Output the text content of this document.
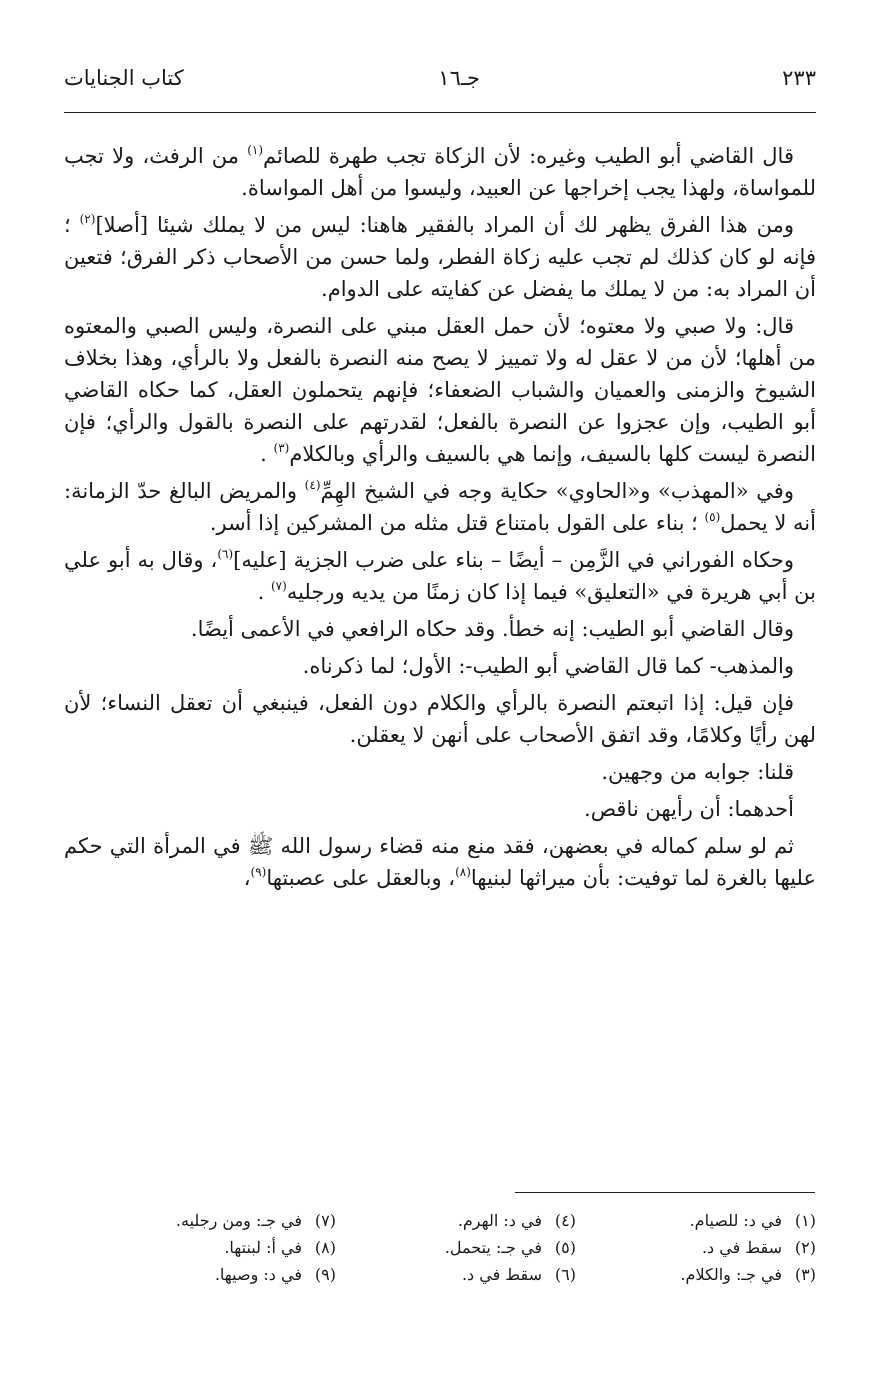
٢٣٣
جـ١٦
كتاب الجنايات

قال القاضي أبو الطيب وغيره: لأن الزكاة تجب طهرة للصائم$^{(١)}$ من الرفث، ولا تجب للمواساة، ولهذا يجب إخراجها عن العبيد، وليسوا من أهل المواساة.

ومن هذا الفرق يظهر لك أن المراد بالفقير هاهنا: ليس من لا يملك شيئا [أصلا]$^{(٢)}$ ؛ فإنه لو كان كذلك لم تجب عليه زكاة الفطر، ولما حسن من الأصحاب ذكر الفرق؛ فتعين أن المراد به: من لا يملك ما يفضل عن كفايته على الدوام.

قال: ولا صبي ولا معتوه؛ لأن حمل العقل مبني على النصرة، وليس الصبي والمعتوه من أهلها؛ لأن من لا عقل له ولا تمييز لا يصح منه النصرة بالفعل ولا بالرأي، وهذا بخلاف الشيوخ والزمنى والعميان والشباب الضعفاء؛ فإنهم يتحملون العقل، كما حكاه القاضي أبو الطيب، وإن عجزوا عن النصرة بالفعل؛ لقدرتهم على النصرة بالقول والرأي؛ فإن النصرة ليست كلها بالسيف، وإنما هي بالسيف والرأي وبالكلام$^{(٣)}$ .

وفي «المهذب» و«الحاوي» حكاية وجه في الشيخ الهِمِّ$^{(٤)}$ والمريض البالغ حدّ الزمانة: أنه لا يحمل$^{(٥)}$ ؛ بناء على القول بامتناع قتل مثله من المشركين إذا أسر.

وحكاه الفوراني في الزَّمِن – أيضًا – بناء على ضرب الجزية [عليه]$^{(٦)}$، وقال به أبو علي بن أبي هريرة في «التعليق» فيما إذا كان زمنًا من يديه ورجليه$^{(٧)}$ .

وقال القاضي أبو الطيب: إنه خطأ. وقد حكاه الرافعي في الأعمى أيضًا.

والمذهب- كما قال القاضي أبو الطيب-: الأول؛ لما ذكرناه.

فإن قيل: إذا اتبعتم النصرة بالرأي والكلام دون الفعل، فينبغي أن تعقل النساء؛ لأن لهن رأيًا وكلامًا، وقد اتفق الأصحاب على أنهن لا يعقلن.

قلنا: جوابه من وجهين.

أحدهما: أن رأيهن ناقص.

ثم لو سلم كماله في بعضهن، فقد منع منه قضاء رسول الله ﷺ في المرأة التي حكم عليها بالغرة لما توفيت: بأن ميراثها لبنيها$^{(٨)}$، وبالعقل على عصبتها$^{(٩)}$،

(١)في د: للصيام.
(٢)سقط في د.
(٣)في جـ: والكلام.
(٤)في د: الهرم.
(٥)في جـ: يتحمل.
(٦)سقط في د.
(٧)في جـ: ومن رجليه.
(٨)في أ: لبنتها.
(٩)في د: وصيها.
